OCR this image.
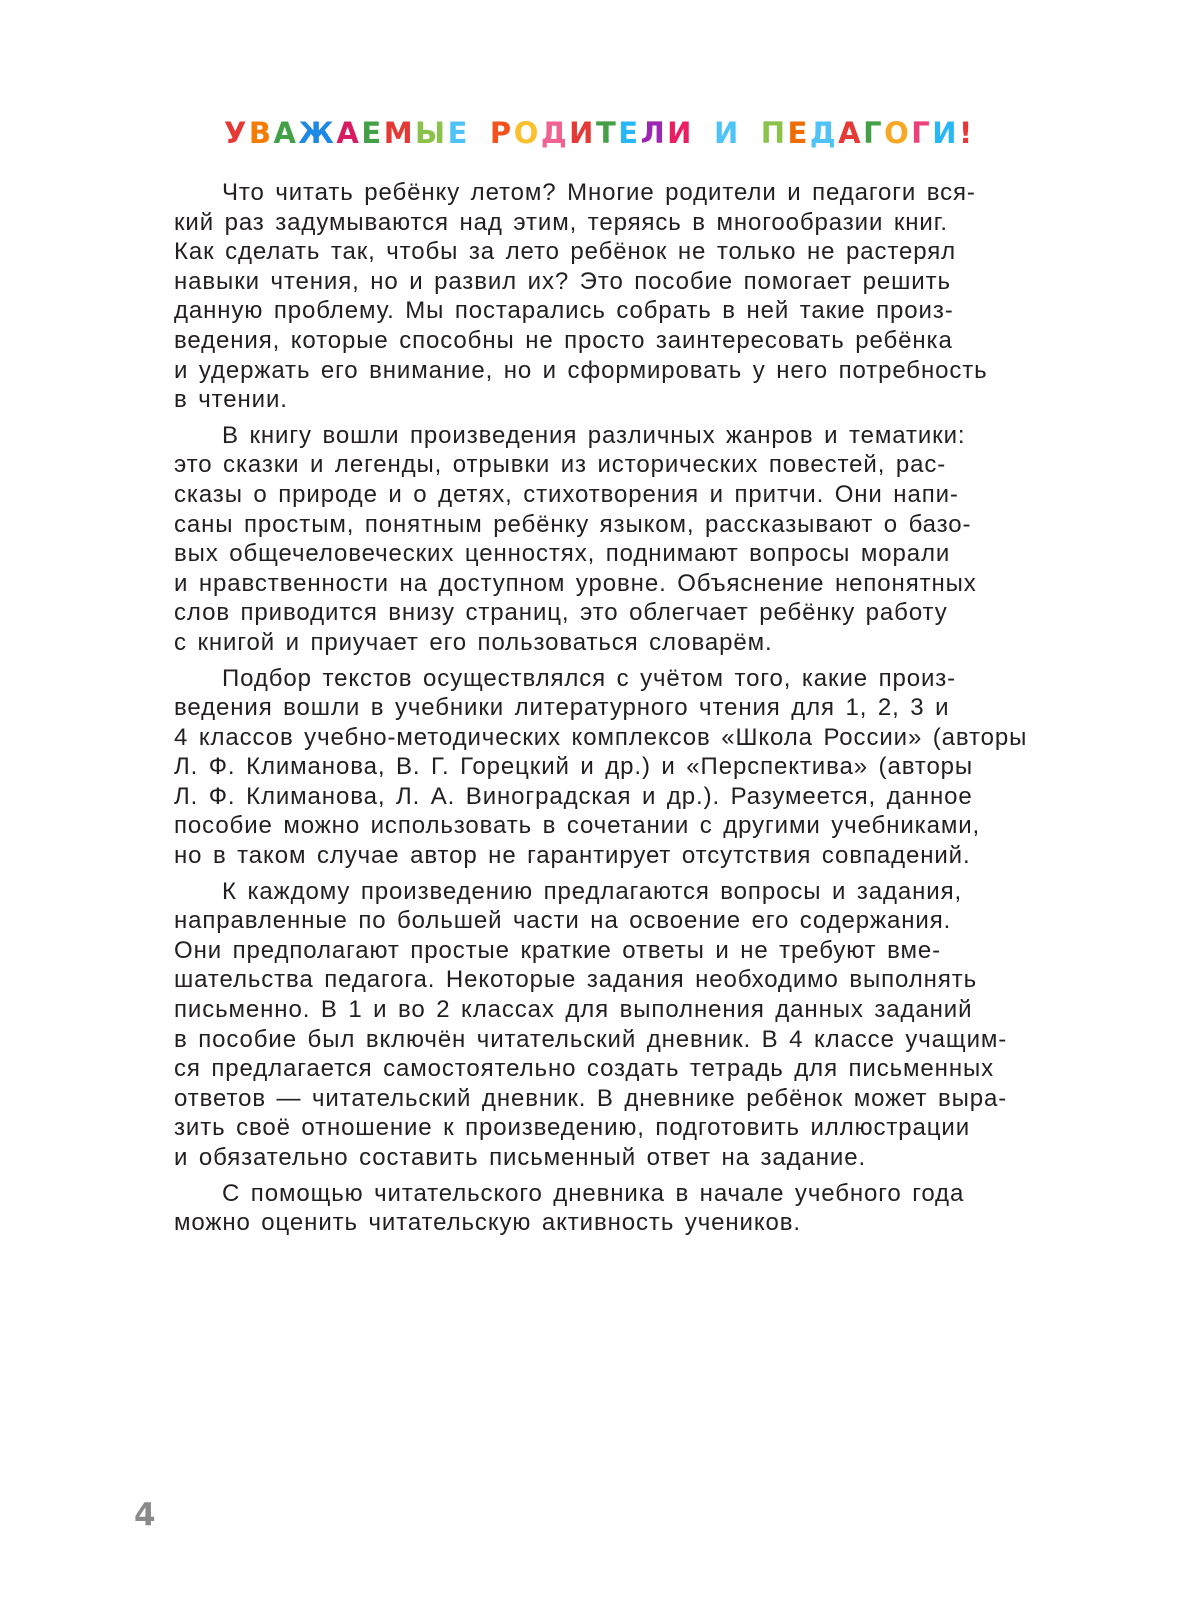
УВАЖАЕМЫЕ РОДИТЕЛИ И ПЕДАГОГИ!

Что читать ребёнку летом? Многие родители и педагоги вся-
кий раз задумываются над этим, теряясь в многообразии книг.
Как сделать так, чтобы за лето ребёнок не только не растерял
навыки чтения, но и развил их? Это пособие помогает решить
данную проблему. Мы постарались собрать в ней такие произ-
ведения, которые способны не просто заинтересовать ребёнка
и удержать его внимание, но и сформировать у него потребность
в чтении.

В книгу вошли произведения различных жанров и тематики:
это сказки и легенды, отрывки из исторических повестей, рас-
сказы о природе и о детях, стихотворения и притчи. Они напи-
саны простым, понятным ребёнку языком, рассказывают о базо-
вых общечеловеческих ценностях, поднимают вопросы морали
и нравственности на доступном уровне. Объяснение непонятных
слов приводится внизу страниц, это облегчает ребёнку работу
с книгой и приучает его пользоваться словарём.

Подбор текстов осуществлялся с учётом того, какие произ-
ведения вошли в учебники литературного чтения для 1, 2, 3 и
4 классов учебно-методических комплексов «Школа России» (авторы
Л. Ф. Климанова, В. Г. Горецкий и др.) и «Перспектива» (авторы
Л. Ф. Климанова, Л. А. Виноградская и др.). Разумеется, данное
пособие можно использовать в сочетании с другими учебниками,
но в таком случае автор не гарантирует отсутствия совпадений.

К каждому произведению предлагаются вопросы и задания,
направленные по большей части на освоение его содержания.
Они предполагают простые краткие ответы и не требуют вме-
шательства педагога. Некоторые задания необходимо выполнять
письменно. В 1 и во 2 классах для выполнения данных заданий
в пособие был включён читательский дневник. В 4 классе учащим-
ся предлагается самостоятельно создать тетрадь для письменных
ответов — читательский дневник. В дневнике ребёнок может выра-
зить своё отношение к произведению, подготовить иллюстрации
и обязательно составить письменный ответ на задание.

С помощью читательского дневника в начале учебного года
можно оценить читательскую активность учеников.

4
